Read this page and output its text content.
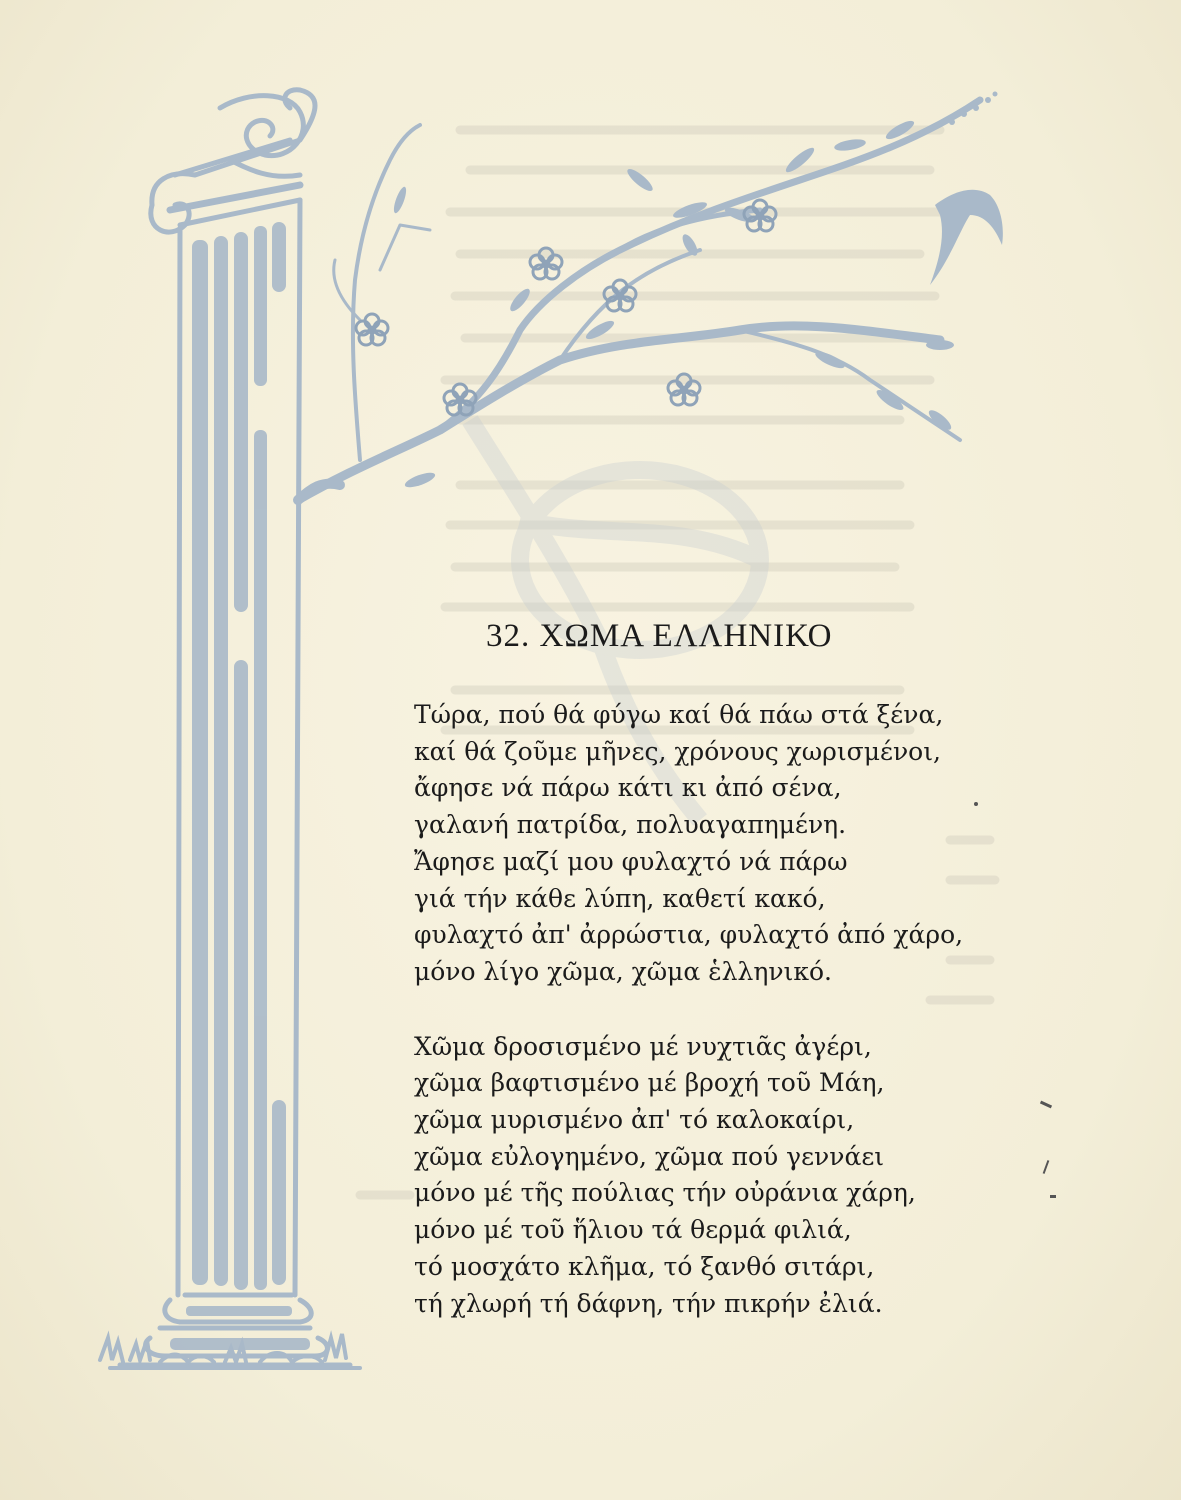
32. ΧΩΜΑ ΕΛΛΗΝΙΚΟ
Τώρα, πού θά φύγω καί θά πάω στά ξένα,
καί θά ζοῦμε μῆνες, χρόνους χωρισμένοι,
ἄφησε νά πάρω κάτι κι ἀπό σένα,
γαλανή πατρίδα, πολυαγαπημένη.
Ἄφησε μαζί μου φυλαχτό νά πάρω
γιά τήν κάθε λύπη, καθετί κακό,
φυλαχτό ἀπ' ἀρρώστια, φυλαχτό ἀπό χάρο,
μόνο λίγο χῶμα, χῶμα ἑλληνικό.
Χῶμα δροσισμένο μέ νυχτιᾶς ἀγέρι,
χῶμα βαφτισμένο μέ βροχή τοῦ Μάη,
χῶμα μυρισμένο ἀπ' τό καλοκαίρι,
χῶμα εὐλογημένο, χῶμα πού γεννάει
μόνο μέ τῆς πούλιας τήν οὐράνια χάρη,
μόνο μέ τοῦ ἥλιου τά θερμά φιλιά,
τό μοσχάτο κλῆμα, τό ξανθό σιτάρι,
τή χλωρή τή δάφνη, τήν πικρήν ἐλιά.
